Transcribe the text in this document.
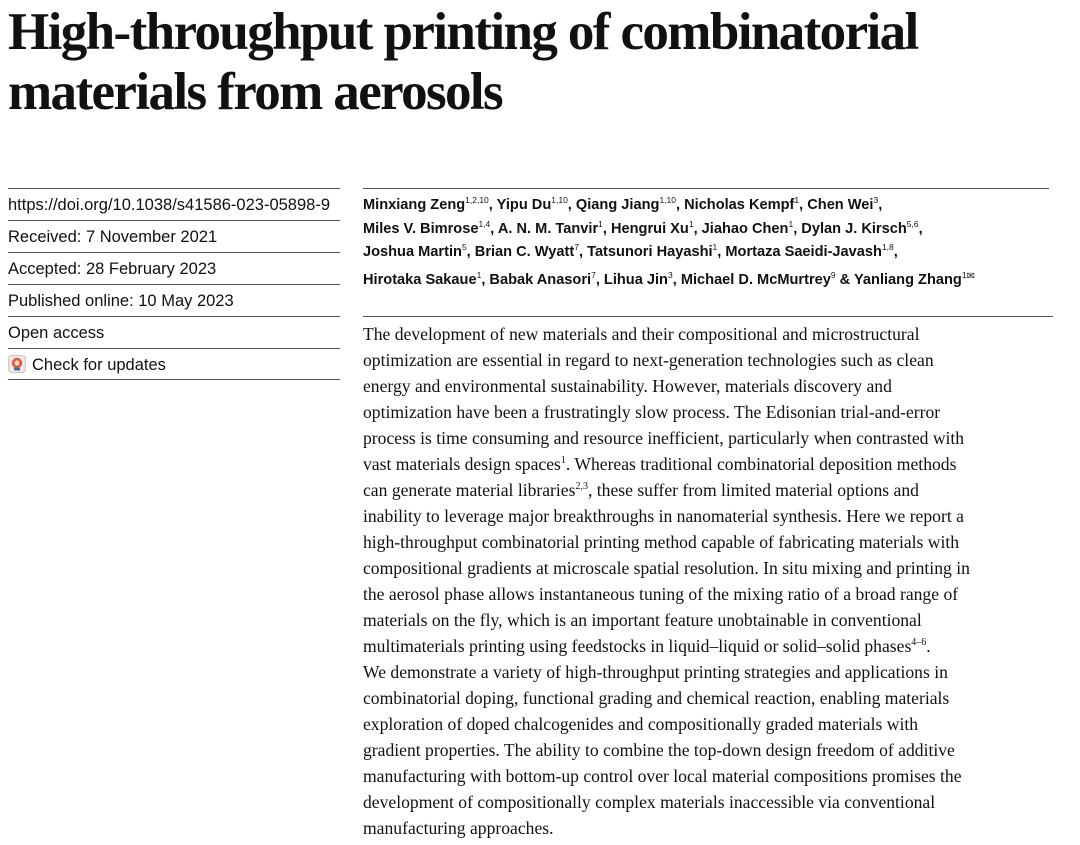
High-throughput printing of combinatorial
materials from aerosols
https://doi.org/10.1038/s41586-023-05898-9
Received: 7 November 2021
Accepted: 28 February 2023
Published online: 10 May 2023
Open access
Check for updates
Minxiang Zeng$^{1,2,10}$, Yipu Du$^{1,10}$, Qiang Jiang$^{1,10}$, Nicholas Kempf$^1$, Chen Wei$^3$,
Miles V. Bimrose$^{1,4}$, A. N. M. Tanvir$^1$, Hengrui Xu$^1$, Jiahao Chen$^1$, Dylan J. Kirsch$^{5,6}$,
Joshua Martin$^5$, Brian C. Wyatt$^7$, Tatsunori Hayashi$^1$, Mortaza Saeidi-Javash$^{1,8}$,
Hirotaka Sakaue$^1$, Babak Anasori$^7$, Lihua Jin$^3$, Michael D. McMurtrey$^9$ & Yanliang Zhang$^{1✉}$
The development of new materials and their compositional and microstructural
optimization are essential in regard to next-generation technologies such as clean
energy and environmental sustainability. However, materials discovery and
optimization have been a frustratingly slow process. The Edisonian trial-and-error
process is time consuming and resource inefficient, particularly when contrasted with
vast materials design spaces$^1$. Whereas traditional combinatorial deposition methods
can generate material libraries$^{2,3}$, these suffer from limited material options and
inability to leverage major breakthroughs in nanomaterial synthesis. Here we report a
high-throughput combinatorial printing method capable of fabricating materials with
compositional gradients at microscale spatial resolution. In situ mixing and printing in
the aerosol phase allows instantaneous tuning of the mixing ratio of a broad range of
materials on the fly, which is an important feature unobtainable in conventional
multimaterials printing using feedstocks in liquid–liquid or solid–solid phases$^{4-6}$.
We demonstrate a variety of high-throughput printing strategies and applications in
combinatorial doping, functional grading and chemical reaction, enabling materials
exploration of doped chalcogenides and compositionally graded materials with
gradient properties. The ability to combine the top-down design freedom of additive
manufacturing with bottom-up control over local material compositions promises the
development of compositionally complex materials inaccessible via conventional
manufacturing approaches.
